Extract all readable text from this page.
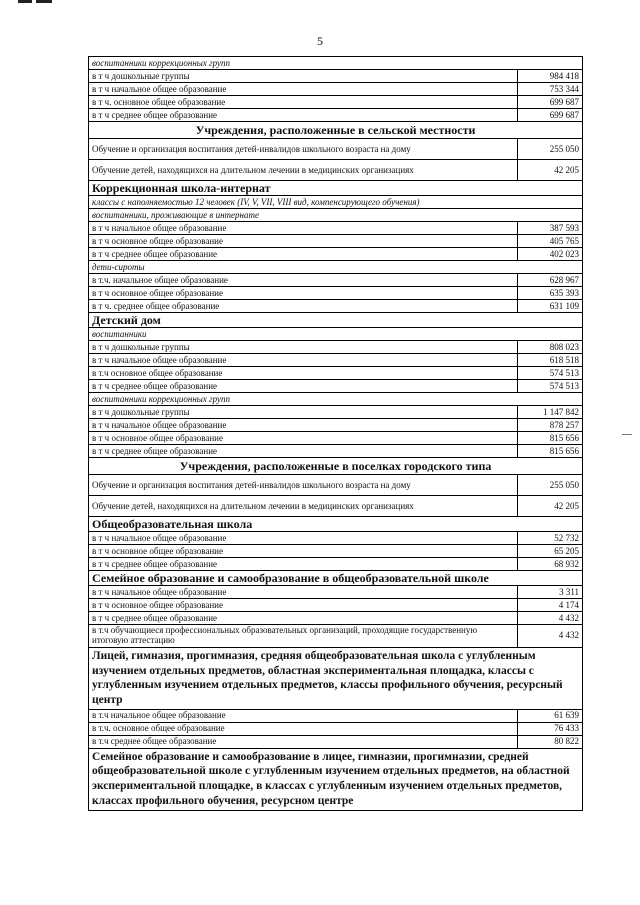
5
воспитанники коррекционных групп	
в т ч дошкольные группы	984 418
в т ч начальное общее образование	753 344
в т ч. основное общее образование	699 687
в т ч среднее общее образование	699 687
Учреждения, расположенные в сельской местности	
Обучение и организация воспитания детей-инвалидов школьного возраста на дому	255 050
Обучение детей, находящихся на длительном лечении в медицинских организациях	42 205
Коррекционная школа-интернат	
классы с наполняемостью 12 человек (IV, V, VII, VIII вид, компенсирующего обучения)	
воспитанники, проживающие в интернате	
в т ч начальное общее образование	387 593
в т ч основное общее образование	405 765
в т ч среднее общее образование	402 023
дети-сироты	
в т.ч. начальное общее образование	628 967
в т ч основное общее образование	635 393
в т ч. среднее общее образование	631 109
Детский дом	
воспитанники	
в т ч дошкольные группы	808 023
в т ч начальное общее образование	618 518
в т.ч основное общее образование	574 513
в т ч среднее общее образование	574 513
воспитанники коррекционных групп	
в т ч дошкольные группы	1 147 842
в т ч начальное общее образование	878 257
в т ч основное общее образование	815 656
в т ч среднее общее образование	815 656
Учреждения, расположенные в поселках городского типа	
Обучение и организация воспитания детей-инвалидов школьного возраста на дому	255 050
Обучение детей, находящихся на длительном лечении в медицинских организациях	42 205
Общеобразовательная школа	
в т ч начальное общее образование	52 732
в т ч основное общее образование	65 205
в т ч среднее общее образование	68 932
Семейное образование и самообразование в общеобразовательной школе	
в т ч начальное общее образование	3 311
в т ч основное общее образование	4 174
в т ч среднее общее образование	4 432
в т.ч обучающиеся профессиональных образовательных организаций, проходящие государственную итоговую аттестацию	4 432
Лицей, гимназия, прогимназия, средняя общеобразовательная школа с углубленным изучением отдельных предметов, областная экспериментальная площадка, классы с углубленным изучением отдельных предметов, классы профильного обучения, ресурсный центр	
в т.ч начальное общее образование	61 639
в т.ч. основное общее образование	76 433
в т.ч среднее общее образование	80 822
Семейное образование и самообразование в лицее, гимназии, прогимназии, средней общеобразовательной школе с углубленным изучением отдельных предметов, на областной экспериментальной площадке, в классах с углубленным изучением отдельных предметов, классах профильного обучения, ресурсном центре	
